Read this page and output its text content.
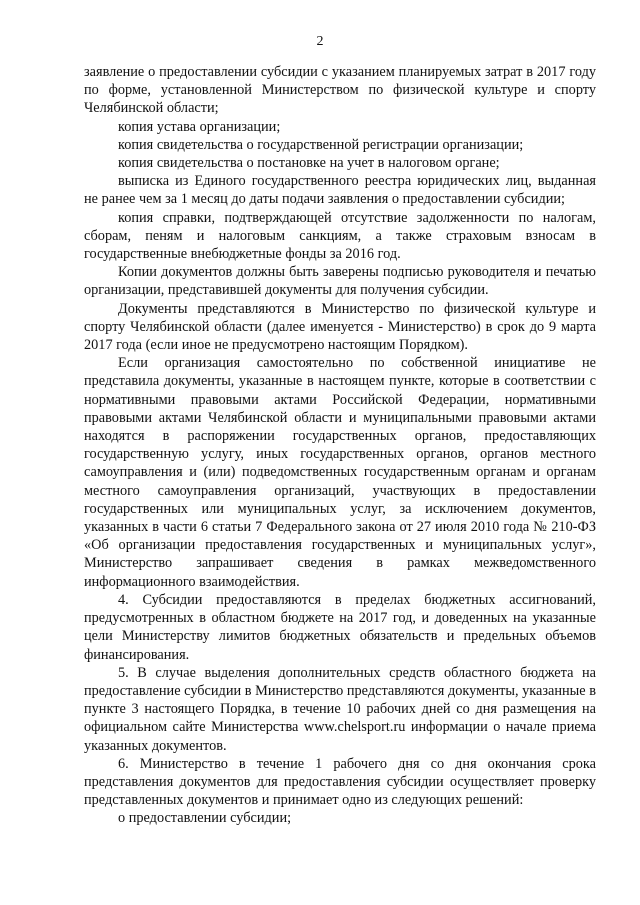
2

заявление о предоставлении субсидии с указанием планируемых затрат в 2017 году по форме, установленной Министерством по физической культуре и спорту Челябинской области;

копия устава организации;

копия свидетельства о государственной регистрации организации;

копия свидетельства о постановке на учет в налоговом органе;

выписка из Единого государственного реестра юридических лиц, выданная не ранее чем за 1 месяц до даты подачи заявления о предоставлении субсидии;

копия справки, подтверждающей отсутствие задолженности по налогам, сборам, пеням и налоговым санкциям, а также страховым взносам в государственные внебюджетные фонды за 2016 год.

Копии документов должны быть заверены подписью руководителя и печатью организации, представившей документы для получения субсидии.

Документы представляются в Министерство по физической культуре и спорту Челябинской области (далее именуется - Министерство) в срок до 9 марта 2017 года (если иное не предусмотрено настоящим Порядком).

Если организация самостоятельно по собственной инициативе не представила документы, указанные в настоящем пункте, которые в соответствии с нормативными правовыми актами Российской Федерации, нормативными правовыми актами Челябинской области и муниципальными правовыми актами находятся в распоряжении государственных органов, предоставляющих государственную услугу, иных государственных органов, органов местного самоуправления и (или) подведомственных государственным органам и органам местного самоуправления организаций, участвующих в предоставлении государственных или муниципальных услуг, за исключением документов, указанных в части 6 статьи 7 Федерального закона от 27 июля 2010 года № 210-ФЗ «Об организации предоставления государственных и муниципальных услуг», Министерство запрашивает сведения в рамках межведомственного информационного взаимодействия.

4. Субсидии предоставляются в пределах бюджетных ассигнований, предусмотренных в областном бюджете на 2017 год, и доведенных на указанные цели Министерству лимитов бюджетных обязательств и предельных объемов финансирования.

5. В случае выделения дополнительных средств областного бюджета на предоставление субсидии в Министерство представляются документы, указанные в пункте 3 настоящего Порядка, в течение 10 рабочих дней со дня размещения на официальном сайте Министерства www.chelsport.ru информации о начале приема указанных документов.

6. Министерство в течение 1 рабочего дня со дня окончания срока представления документов для предоставления субсидии осуществляет проверку представленных документов и принимает одно из следующих решений:

о предоставлении субсидии;
